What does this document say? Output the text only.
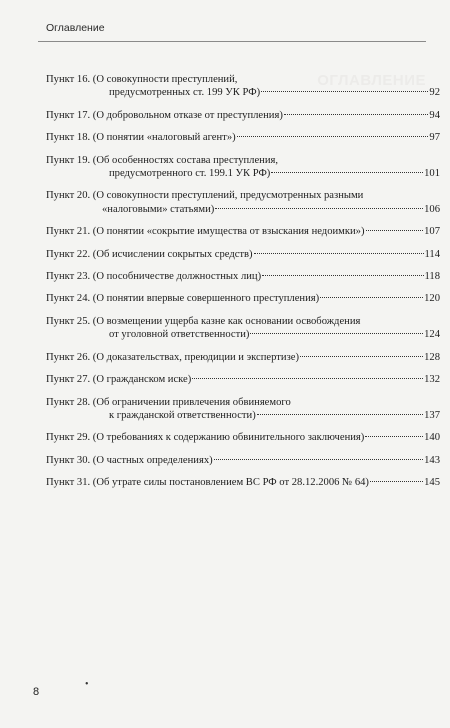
Оглавление
ОГЛАВЛЕНИЕ
Пункт 16. (О совокупности преступлений,
предусмотренных ст. 199 УК РФ)	92
Пункт 17. (О добровольном отказе от преступления)	94
Пункт 18. (О понятии «налоговый агент»)	97
Пункт 19. (Об особенностях состава преступления,
предусмотренного ст. 199.1 УК РФ)	101
Пункт 20. (О совокупности преступлений, предусмотренных разными
«налоговыми» статьями)	106
Пункт 21. (О понятии «сокрытие имущества от взыскания недоимки»)	107
Пункт 22. (Об исчислении сокрытых средств)	114
Пункт 23. (О пособничестве должностных лиц)	118
Пункт 24. (О понятии впервые совершенного преступления)	120
Пункт 25. (О возмещении ущерба казне как основании освобождения
от уголовной ответственности)	124
Пункт 26. (О доказательствах, преюдиции и экспертизе)	128
Пункт 27. (О гражданском иске)	132
Пункт 28. (Об ограничении привлечения обвиняемого
к гражданской ответственности)	137
Пункт 29. (О требованиях к содержанию обвинительного заключения)	140
Пункт 30. (О частных определениях)	143
Пункт 31. (Об утрате силы постановлением ВС РФ от 28.12.2006 № 64)	145
8
•
